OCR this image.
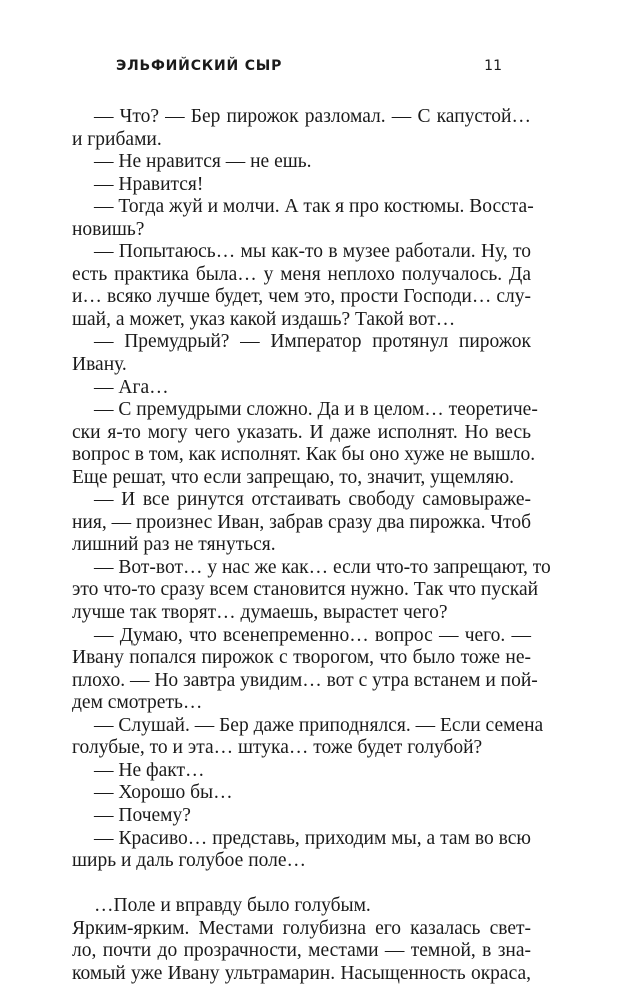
ЭЛЬФИЙСКИЙ СЫР	11
— Что? — Бер пирожок разломал. — С капустой…
и грибами.
— Не нравится — не ешь.
— Нравится!
— Тогда жуй и молчи. А так я про костюмы. Восста-
новишь?
— Попытаюсь… мы как-то в музее работали. Ну, то
есть практика была… у меня неплохо получалось. Да
и… всяко лучше будет, чем это, прости Господи… слу-
шай, а может, указ какой издашь? Такой вот…
— Премудрый? — Император протянул пирожок
Ивану.
— Ага…
— С премудрыми сложно. Да и в целом… теоретиче-
ски я-то могу чего указать. И даже исполнят. Но весь
вопрос в том, как исполнят. Как бы оно хуже не вышло.
Еще решат, что если запрещаю, то, значит, ущемляю.
— И все ринутся отстаивать свободу самовыраже-
ния, — произнес Иван, забрав сразу два пирожка. Чтоб
лишний раз не тянуться.
— Вот-вот… у нас же как… если что-то запрещают, то
это что-то сразу всем становится нужно. Так что пускай
лучше так творят… думаешь, вырастет чего?
— Думаю, что всенепременно… вопрос — чего. —
Ивану попался пирожок с творогом, что было тоже не-
плохо. — Но завтра увидим… вот с утра встанем и пой-
дем смотреть…
— Слушай. — Бер даже приподнялся. — Если семена
голубые, то и эта… штука… тоже будет голубой?
— Не факт…
— Хорошо бы…
— Почему?
— Красиво… представь, приходим мы, а там во всю
ширь и даль голубое поле…
…Поле и вправду было голубым.
Ярким-ярким. Местами голубизна его казалась свет-
ло, почти до прозрачности, местами — темной, в зна-
комый уже Ивану ультрамарин. Насыщенность окраса,
